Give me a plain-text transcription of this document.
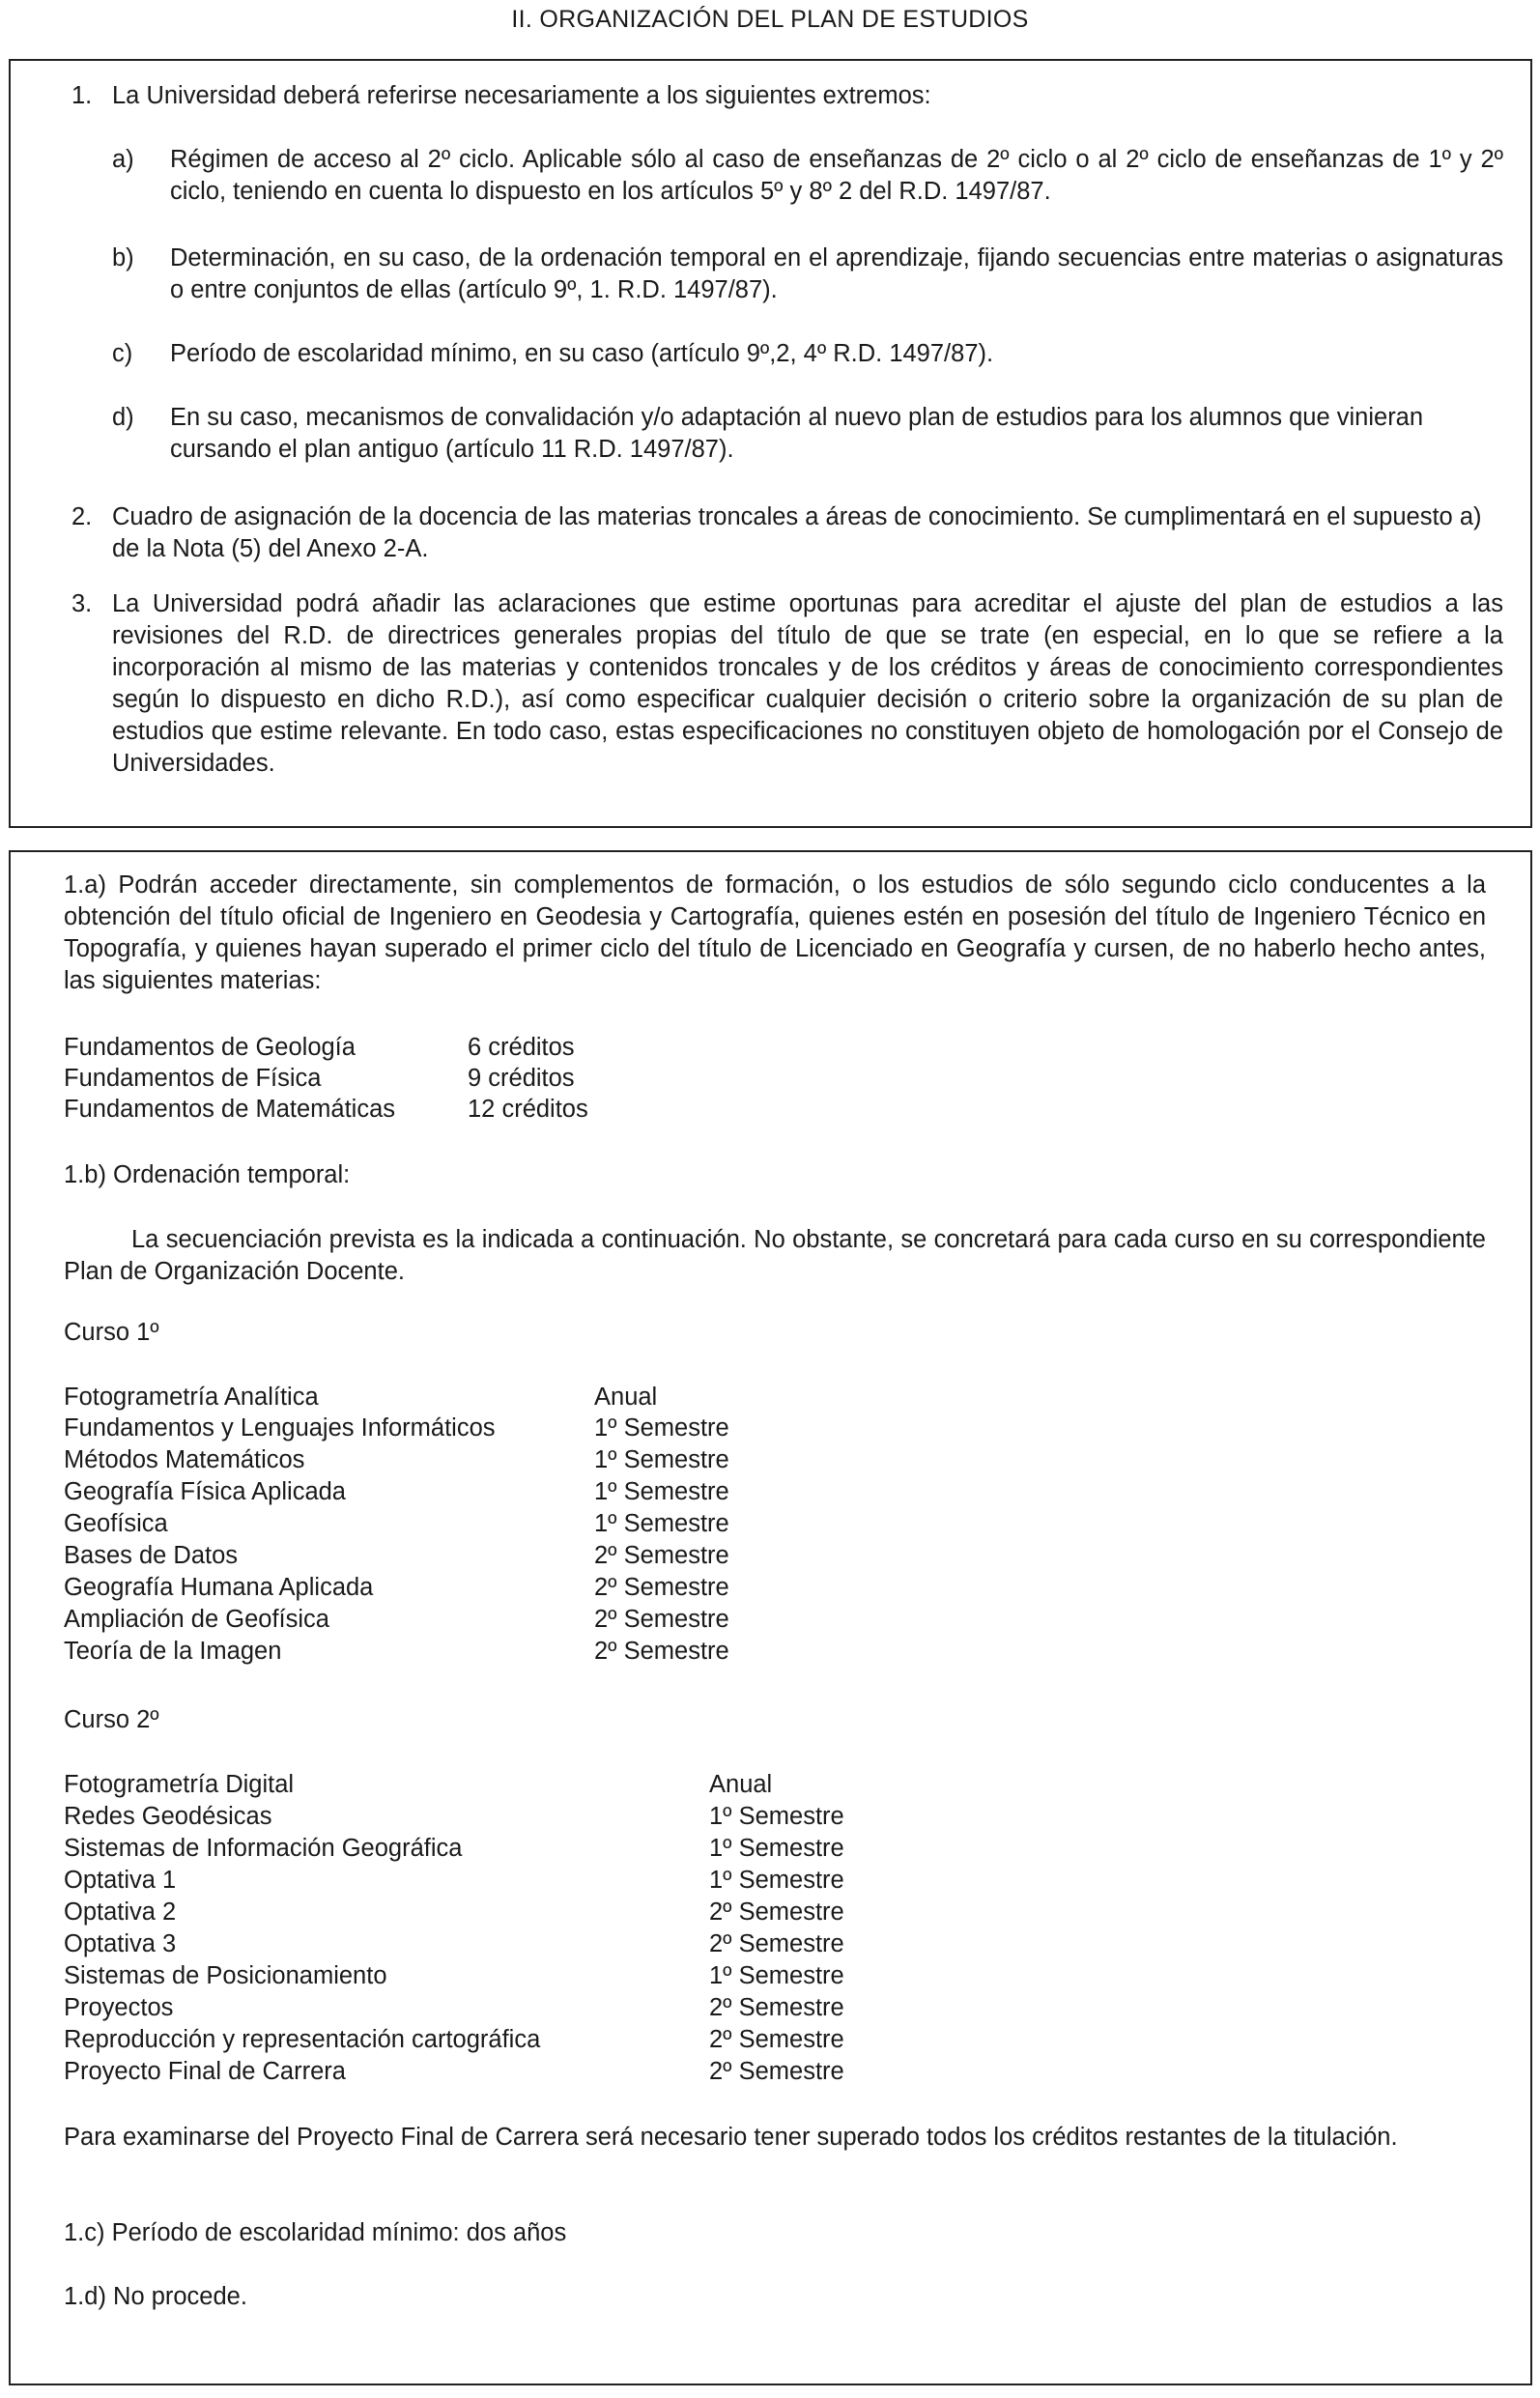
II. ORGANIZACIÓN DEL PLAN DE ESTUDIOS
1. La Universidad deberá referirse necesariamente a los siguientes extremos:
a) Régimen de acceso al 2º ciclo. Aplicable sólo al caso de enseñanzas de 2º ciclo o al 2º ciclo de enseñanzas de 1º y 2º ciclo, teniendo en cuenta lo dispuesto en los artículos 5º y 8º 2 del R.D. 1497/87.
b) Determinación, en su caso, de la ordenación temporal en el aprendizaje, fijando secuencias entre materias o asignaturas o entre conjuntos de ellas (artículo 9º, 1. R.D. 1497/87).
c) Período de escolaridad mínimo, en su caso (artículo 9º,2, 4º R.D. 1497/87).
d) En su caso, mecanismos de convalidación y/o adaptación al nuevo plan de estudios para los alumnos que vinieran cursando el plan antiguo (artículo 11 R.D. 1497/87).
2. Cuadro de asignación de la docencia de las materias troncales a áreas de conocimiento. Se cumplimentará en el supuesto a) de la Nota (5) del Anexo 2-A.
3. La Universidad podrá añadir las aclaraciones que estime oportunas para acreditar el ajuste del plan de estudios a las revisiones del R.D. de directrices generales propias del título de que se trate (en especial, en lo que se refiere a la incorporación al mismo de las materias y contenidos troncales y de los créditos y áreas de conocimiento correspondientes según lo dispuesto en dicho R.D.), así como especificar cualquier decisión o criterio sobre la organización de su plan de estudios que estime relevante. En todo caso, estas especificaciones no constituyen objeto de homologación por el Consejo de Universidades.
1.a) Podrán acceder directamente, sin complementos de formación, o los estudios de sólo segundo ciclo conducentes a la obtención del título oficial de Ingeniero en Geodesia y Cartografía, quienes estén en posesión del título de Ingeniero Técnico en Topografía, y quienes hayan superado el primer ciclo del título de Licenciado en Geografía y cursen, de no haberlo hecho antes, las siguientes materias:
Fundamentos de Geología	6 créditos
Fundamentos de Física	9 créditos
Fundamentos de Matemáticas	12 créditos
1.b) Ordenación temporal:
La secuenciación prevista es la indicada a continuación. No obstante, se concretará para cada curso en su correspondiente Plan de Organización Docente.
Curso 1º
Fotogrametría Analítica	Anual
Fundamentos y Lenguajes Informáticos	1º Semestre
Métodos Matemáticos	1º Semestre
Geografía Física Aplicada	1º Semestre
Geofísica	1º Semestre
Bases de Datos	2º Semestre
Geografía Humana Aplicada	2º Semestre
Ampliación de Geofísica	2º Semestre
Teoría de la Imagen	2º Semestre
Curso 2º
Fotogrametría Digital	Anual
Redes Geodésicas	1º Semestre
Sistemas de Información Geográfica	1º Semestre
Optativa 1	1º Semestre
Optativa 2	2º Semestre
Optativa 3	2º Semestre
Sistemas de Posicionamiento	1º Semestre
Proyectos	2º Semestre
Reproducción y representación cartográfica	2º Semestre
Proyecto Final de Carrera	2º Semestre
Para examinarse del Proyecto Final de Carrera será necesario tener superado todos los créditos restantes de la titulación.
1.c) Período de escolaridad mínimo: dos años
1.d) No procede.
